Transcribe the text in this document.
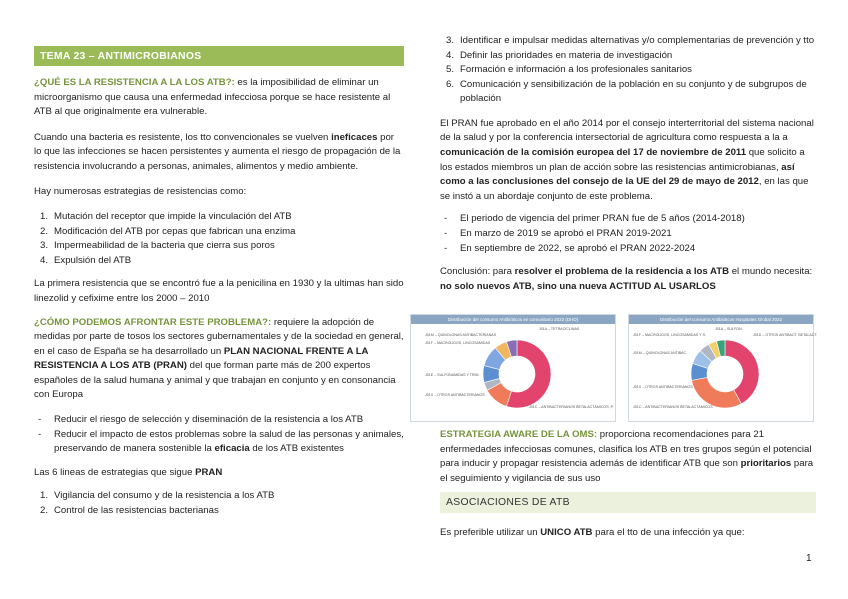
TEMA 23 – ANTIMICROBIANOS

¿QUÉ ES LA RESISTENCIA A LA LOS ATB?: es la imposibilidad de eliminar un microorganismo que causa una enfermedad infecciosa porque se hace resistente al ATB al que originalmente era vulnerable.

Cuando una bacteria es resistente, los tto convencionales se vuelven ineficaces por lo que las infecciones se hacen persistentes y aumenta el riesgo de propagación de la resistencia involucrando a personas, animales, alimentos y medio ambiente.

Hay numerosas estrategias de resistencias como:

1. Mutación del receptor que impide la vinculación del ATB
2. Modificación del ATB por cepas que fabrican una enzima
3. Impermeabilidad de la bacteria que cierra sus poros
4. Expulsión del ATB

La primera resistencia que se encontró fue a la penicilina en 1930 y la ultimas han sido linezolid y cefixime entre los 2000 – 2010

¿CÓMO PODEMOS AFRONTAR ESTE PROBLEMA?: requiere la adopción de medidas por parte de tosos los sectores gubernamentales y de la sociedad en general, en el caso de España se ha desarrollado un PLAN NACIONAL FRENTE A LA RESISTENCIA A LOS ATB (PRAN) del que forman parte más de 200 expertos españoles de la salud humana y animal y que trabajan en conjunto y en consonancia con Europa

- Reducir el riesgo de selección y diseminación de la resistencia a los ATB
- Reducir el impacto de estos problemas sobre la salud de las personas y animales, preservando de manera sostenible la eficacia de los ATB existentes

Las 6 lineas de estrategias que sigue PRAN

1. Vigilancia del consumo y de la resistencia a los ATB
2. Control de las resistencias bacterianas
3. Identificar e impulsar medidas alternativas y/o complementarias de prevención y tto
4. Definir las prioridades en materia de investigación
5. Formación e información a los profesionales sanitarios
6. Comunicación y sensibilización de la población en su conjunto y de subgrupos de población

El PRAN fue aprobado en el año 2014 por el consejo interterritorial del sistema nacional de la salud y por la conferencia intersectorial de agricultura como respuesta a la a comunicación de la comisión europea del 17 de noviembre de 2011 que solicito a los estados miembros un plan de acción sobre las resistencias antimicrobianas, así como a las conclusiones del consejo de la UE del 29 de mayo de 2012, en las que se instó a un abordaje conjunto de este problema.

- El periodo de vigencia del primer PRAN fue de 5 años (2014-2018)
- En marzo de 2019 se aprobó el PRAN 2019-2021
- En septiembre de 2022, se aprobó el PRAN 2022-2024

Conclusión: para resolver el problema de la residencia a los ATB el mundo necesita: no solo nuevos ATB, sino una nueva ACTITUD AL USARLOS

Distribución del consumo Antibióticos en comunitario 2022 (DHD)
J01A – TETRACICLINAS
J01F – MACROLIDOS, LINCOSAMIDAS
J01M – QUINOLONAS ANTIBACTERIANAS
J01E – SULFONAMIDAS Y TRIM.
J01X – OTROS ANTIBACTERIANOS
J01C – ANTIBACTERIANOS BETALACTÁMICOS, P.
Distribución del consumo Antibióticos Hospitales Global 2022
J01A – SULFON.
J01F – MACROLIDOS, LINCOSAMIDAS Y S.
J01M – QUINOLONAS ANTIBAC.
J01X – OTROS ANTIBACTERIANOS
J01D – OTROS ANTIBACT. BETALACT.
J01C – ANTIBACTERIANOS BETALACTÁMICOS

ESTRATEGIA AWARE DE LA OMS: proporciona recomendaciones para 21 enfermedades infecciosas comunes, clasifica los ATB en tres grupos según el potencial para inducir y propagar resistencia además de identificar ATB que son prioritarios para el seguimiento y vigilancia de sus uso

ASOCIACIONES DE ATB

Es preferible utilizar un UNICO ATB para el tto de una infección ya que:

1
